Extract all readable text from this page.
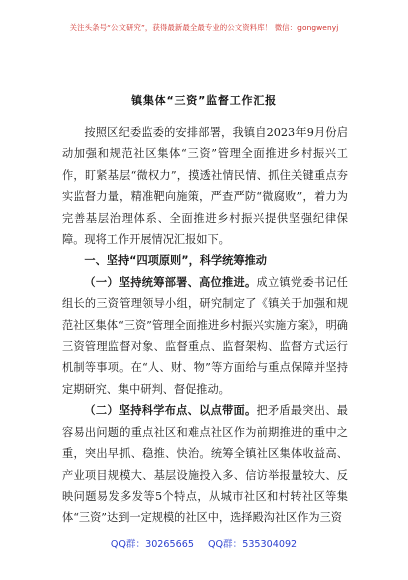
关注头条号“公文研究”，获得最新最全最专业的公文资料库！ 微信：gongwenyj
镇集体“三资”监督工作汇报

按照区纪委监委的安排部署，我镇自2023年9月份启动加强和规范社区集体“三资”管理全面推进乡村振兴工作，盯紧基层“微权力”，摸透社情民情、抓住关键重点夯实监督力量，精准靶向施策，严查严防“微腐败”，着力为完善基层治理体系、全面推进乡村振兴提供坚强纪律保障。现将工作开展情况汇报如下。

一、坚持“四项原则”，科学统筹推动

（一）坚持统筹部署、高位推进。成立镇党委书记任组长的三资管理领导小组，研究制定了《镇关于加强和规范社区集体“三资”管理全面推进乡村振兴实施方案》，明确三资管理监督对象、监督重点、监督架构、监督方式运行机制等事项。在“人、财、物”等方面给与重点保障并坚持定期研究、集中研判、督促推动。

（二）坚持科学布点、以点带面。把矛盾最突出、最容易出问题的重点社区和难点社区作为前期推进的重中之重，突出早抓、稳推、快治。统筹全镇社区集体收益高、产业项目规模大、基层设施投入多、信访举报量较大、反映问题易发多发等5个特点，从城市社区和村转社区等集体“三资”达到一定规模的社区中，选择殿沟社区作为三资

QQ群：30265665 QQ群：535304092
